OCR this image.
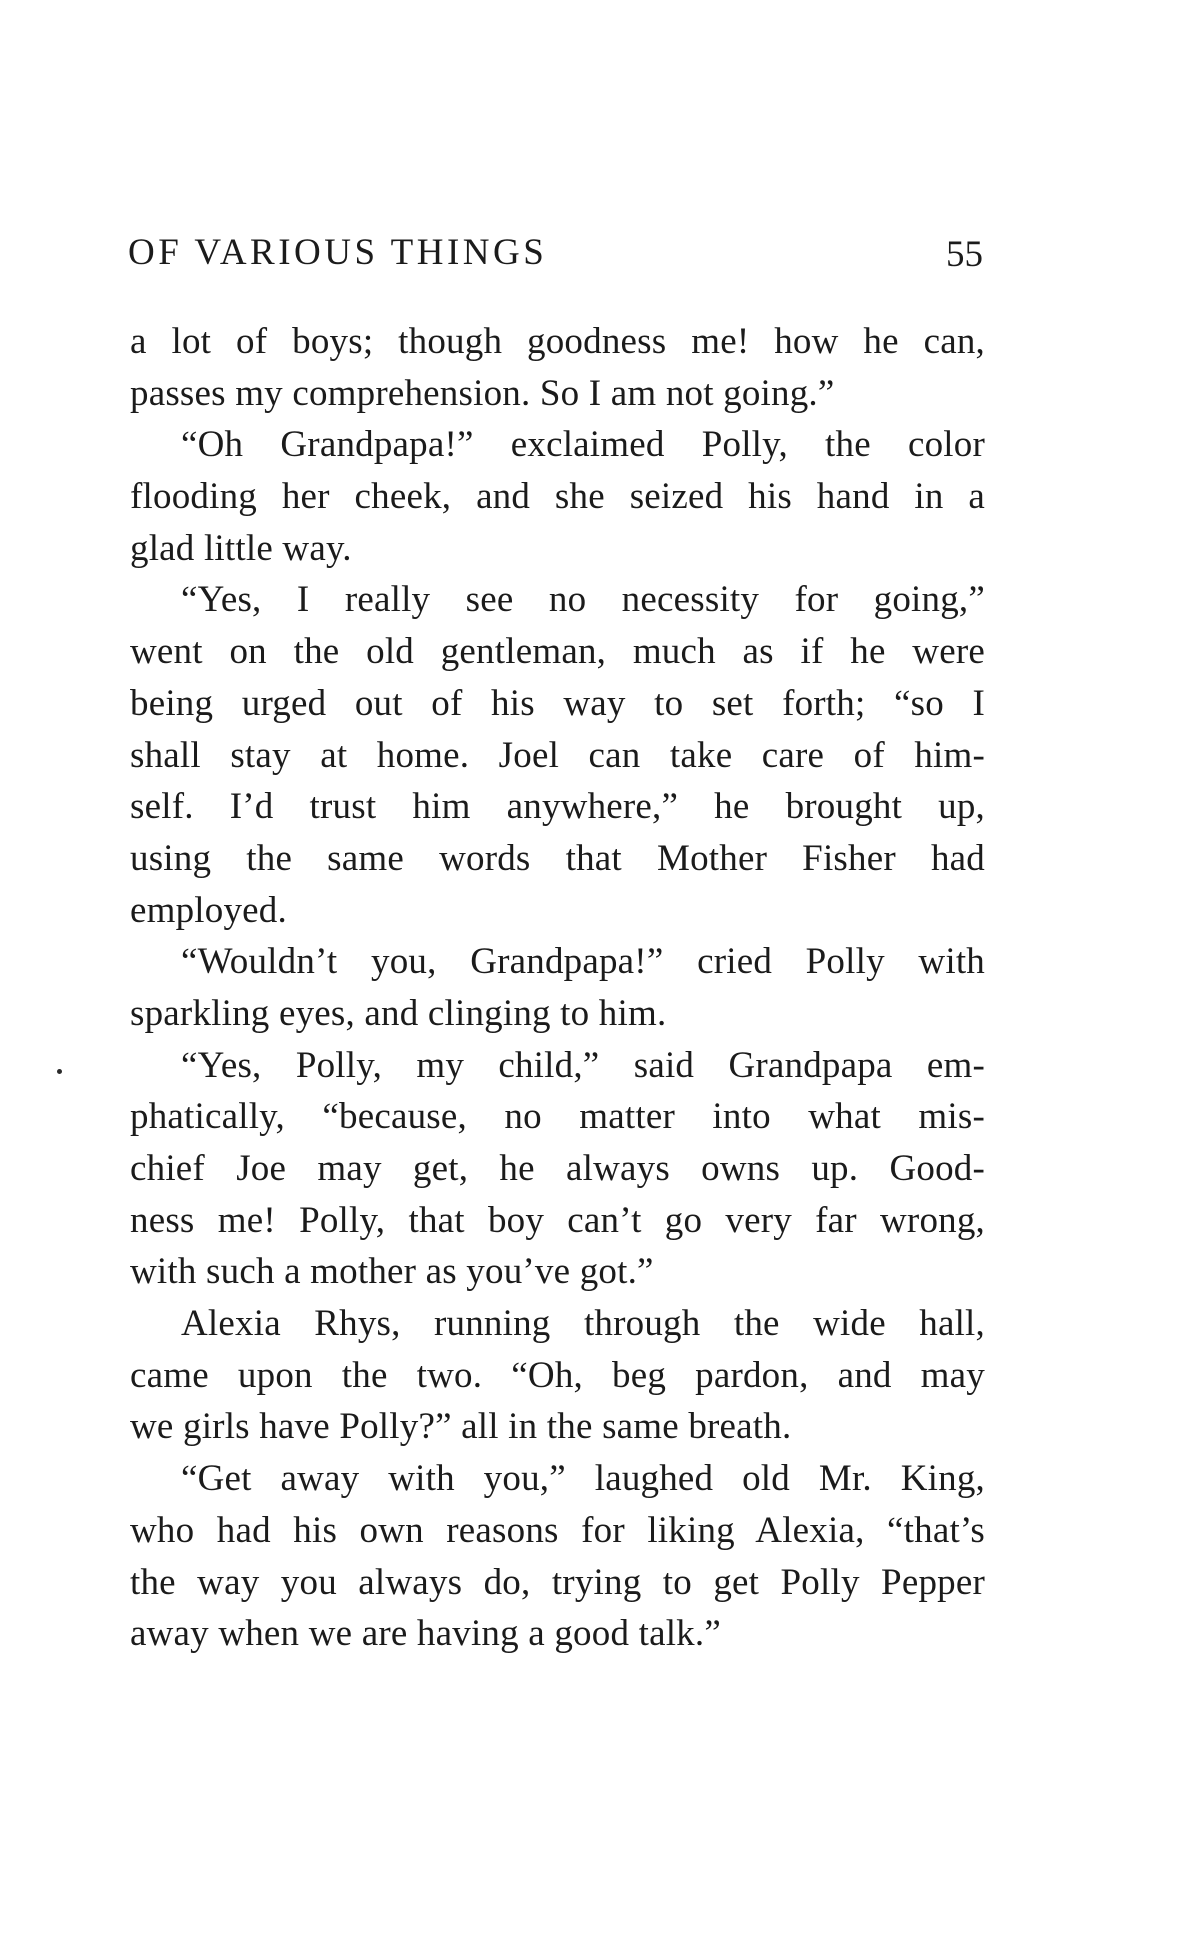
OF VARIOUS THINGS	55
a lot of boys; though goodness me! how he can,
passes my comprehension. So I am not going.”
“Oh Grandpapa!” exclaimed Polly, the color
flooding her cheek, and she seized his hand in a
glad little way.
“Yes, I really see no necessity for going,”
went on the old gentleman, much as if he were
being urged out of his way to set forth; “so I
shall stay at home. Joel can take care of him-
self. I’d trust him anywhere,” he brought up,
using the same words that Mother Fisher had
employed.
“Wouldn’t you, Grandpapa!” cried Polly with
sparkling eyes, and clinging to him.
“Yes, Polly, my child,” said Grandpapa em-
phatically, “because, no matter into what mis-
chief Joe may get, he always owns up. Good-
ness me! Polly, that boy can’t go very far wrong,
with such a mother as you’ve got.”
Alexia Rhys, running through the wide hall,
came upon the two. “Oh, beg pardon, and may
we girls have Polly?” all in the same breath.
“Get away with you,” laughed old Mr. King,
who had his own reasons for liking Alexia, “that’s
the way you always do, trying to get Polly Pepper
away when we are having a good talk.”
